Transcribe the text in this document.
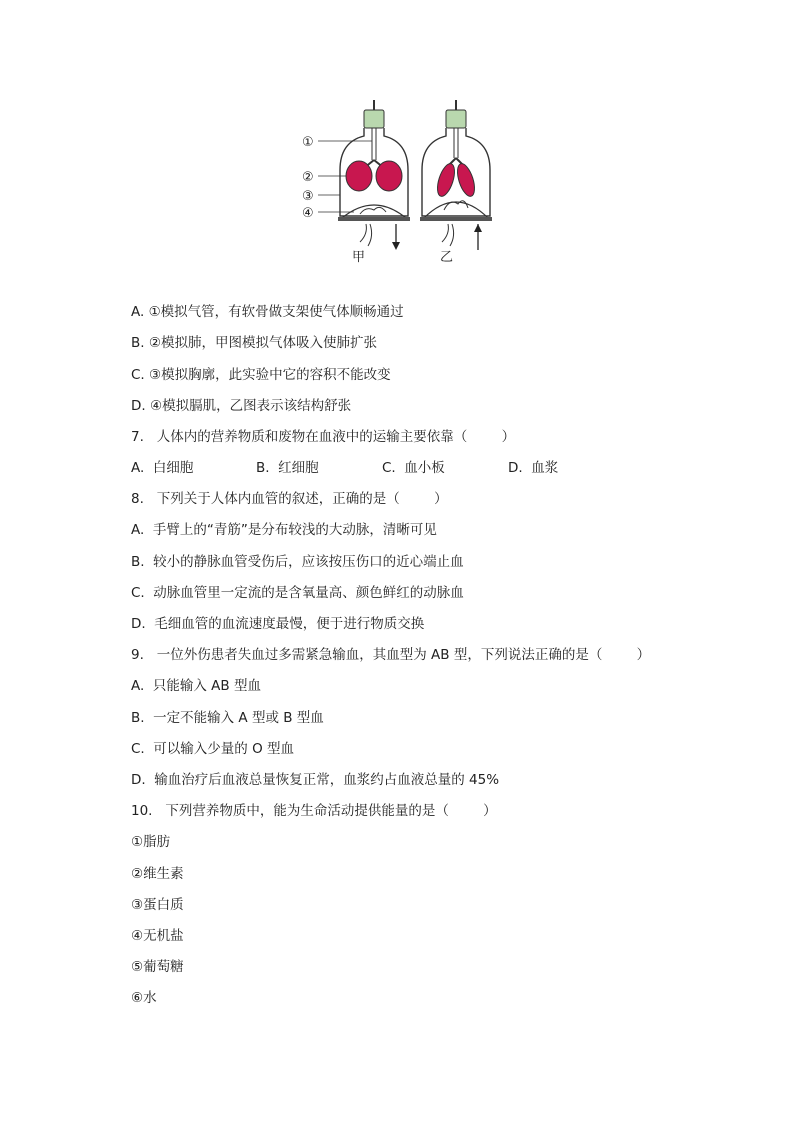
①
②
③
④
甲	乙
A. ①模拟气管，有软骨做支架使气体顺畅通过
B. ②模拟肺，甲图模拟气体吸入使肺扩张
C. ③模拟胸廓，此实验中它的容积不能改变
D. ④模拟膈肌，乙图表示该结构舒张
7.   人体内的营养物质和废物在血液中的运输主要依靠（        ）
A.  白细胞	B.  红细胞	C.  血小板	D.  血浆
8.   下列关于人体内血管的叙述，正确的是（        ）
A.  手臂上的“青筋”是分布较浅的大动脉，清晰可见
B.  较小的静脉血管受伤后，应该按压伤口的近心端止血
C.  动脉血管里一定流的是含氧量高、颜色鲜红的动脉血
D.  毛细血管的血流速度最慢，便于进行物质交换
9.   一位外伤患者失血过多需紧急输血，其血型为 AB 型，下列说法正确的是（        ）
A.  只能输入 AB 型血
B.  一定不能输入 A 型或 B 型血
C.  可以输入少量的 O 型血
D.  输血治疗后血液总量恢复正常，血浆约占血液总量的 45%
10.   下列营养物质中，能为生命活动提供能量的是（        ）
①脂肪
②维生素
③蛋白质
④无机盐
⑤葡萄糖
⑥水
